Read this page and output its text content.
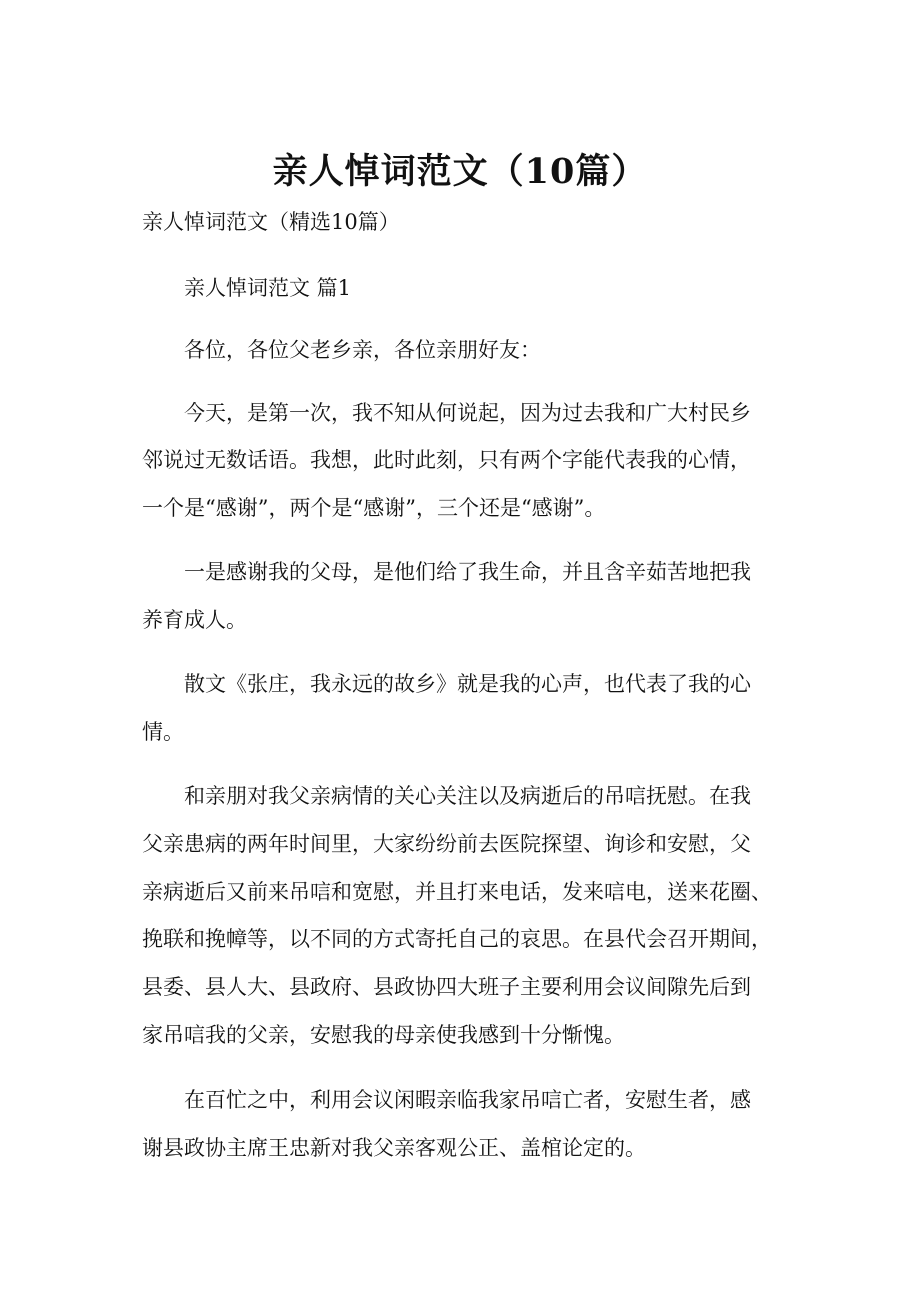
亲人悼词范文（10篇）
亲人悼词范文（精选10篇）
亲人悼词范文 篇1
各位，各位父老乡亲，各位亲朋好友：
今天，是第一次，我不知从何说起，因为过去我和广大村民乡
邻说过无数话语。我想，此时此刻，只有两个字能代表我的心情，
一个是“感谢”，两个是“感谢”，三个还是“感谢”。
一是感谢我的父母，是他们给了我生命，并且含辛茹苦地把我
养育成人。
散文《张庄，我永远的故乡》就是我的心声，也代表了我的心
情。
和亲朋对我父亲病情的关心关注以及病逝后的吊唁抚慰。在我
父亲患病的两年时间里，大家纷纷前去医院探望、询诊和安慰，父
亲病逝后又前来吊唁和宽慰，并且打来电话，发来唁电，送来花圈、
挽联和挽幛等，以不同的方式寄托自己的哀思。在县代会召开期间，
县委、县人大、县政府、县政协四大班子主要利用会议间隙先后到
家吊唁我的父亲，安慰我的母亲使我感到十分惭愧。
在百忙之中，利用会议闲暇亲临我家吊唁亡者，安慰生者，感
谢县政协主席王忠新对我父亲客观公正、盖棺论定的。
